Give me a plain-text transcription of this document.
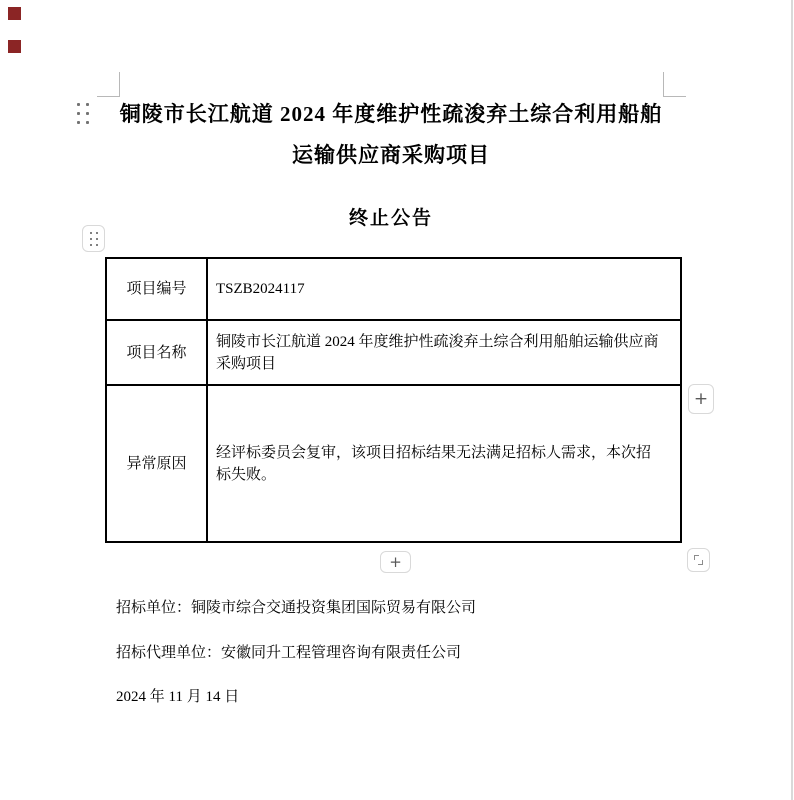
铜陵市长江航道 2024 年度维护性疏浚弃土综合利用船舶
运输供应商采购项目
终止公告
项目编号	TSZB2024117
项目名称	铜陵市长江航道 2024 年度维护性疏浚弃土综合利用船舶运输供应商采购项目
异常原因	经评标委员会复审，该项目招标结果无法满足招标人需求，本次招标失败。
+
+
招标单位：铜陵市综合交通投资集团国际贸易有限公司
招标代理单位：安徽同升工程管理咨询有限责任公司
2024 年 11 月 14 日
